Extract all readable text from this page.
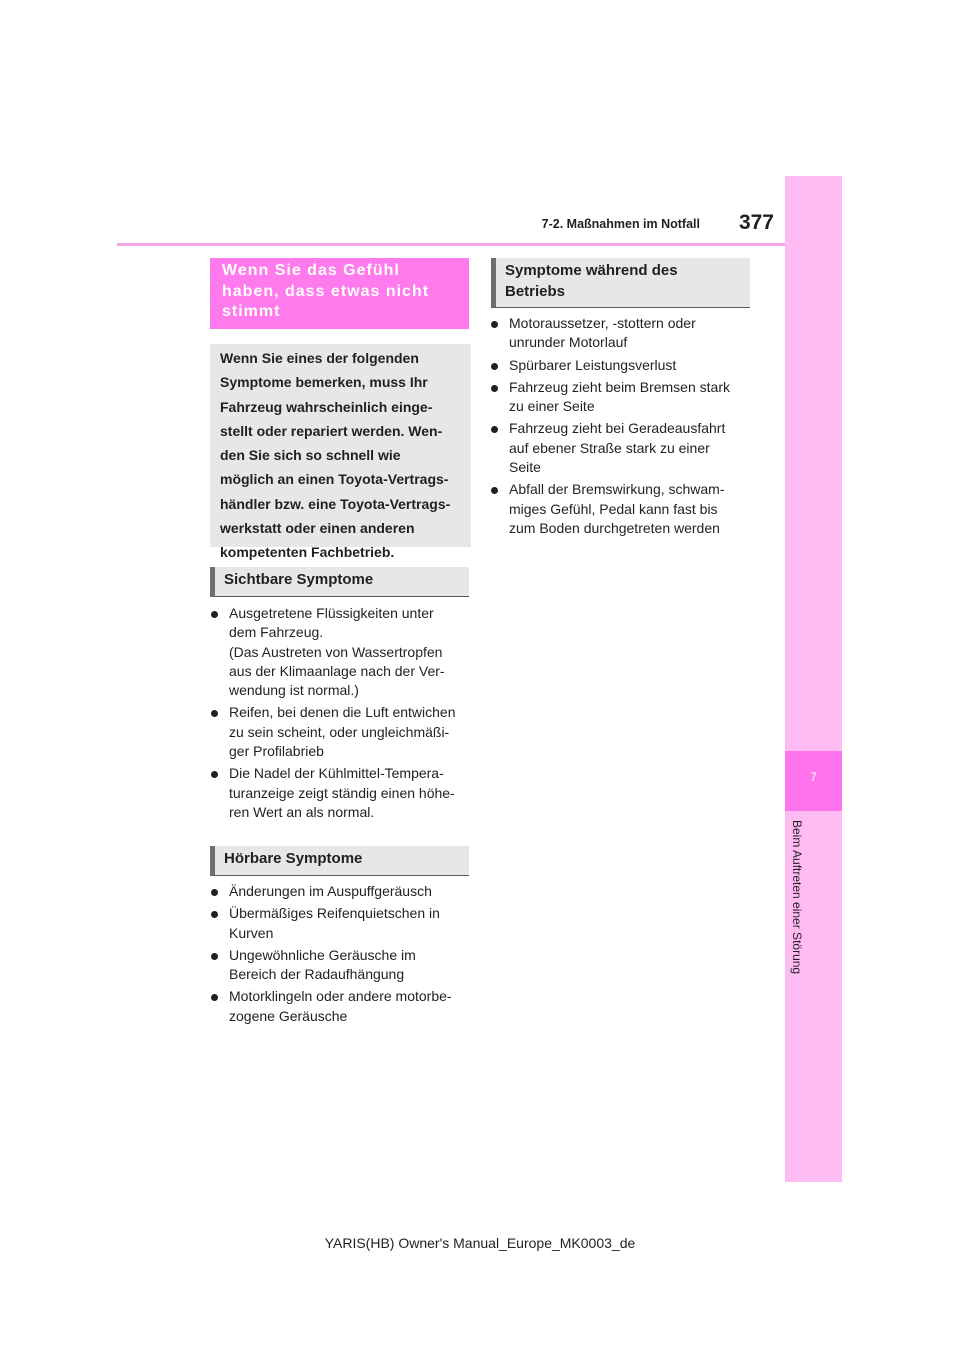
7-2. Maßnahmen im Notfall	377
7
Beim Auftreten einer Störung
Wenn Sie das Gefühl
haben, dass etwas nicht
stimmt

Wenn Sie eines der folgenden

Symptome bemerken, muss Ihr

Fahrzeug wahrscheinlich einge-

stellt oder repariert werden. Wen-

den Sie sich so schnell wie

möglich an einen Toyota-Vertrags-

händler bzw. eine Toyota-Vertrags-

werkstatt oder einen anderen

kompetenten Fachbetrieb.

Sichtbare Symptome
Ausgetretene Flüssigkeiten unter
dem Fahrzeug.
(Das Austreten von Wassertropfen
aus der Klimaanlage nach der Ver-
wendung ist normal.)
Reifen, bei denen die Luft entwichen
zu sein scheint, oder ungleichmäßi-
ger Profilabrieb
Die Nadel der Kühlmittel-Tempera-
turanzeige zeigt ständig einen höhe-
ren Wert an als normal.
Hörbare Symptome
Änderungen im Auspuffgeräusch
Übermäßiges Reifenquietschen in
Kurven
Ungewöhnliche Geräusche im
Bereich der Radaufhängung
Motorklingeln oder andere motorbe-
zogene Geräusche
Symptome während des
Betriebs
Motoraussetzer, -stottern oder
unrunder Motorlauf
Spürbarer Leistungsverlust
Fahrzeug zieht beim Bremsen stark
zu einer Seite
Fahrzeug zieht bei Geradeausfahrt
auf ebener Straße stark zu einer
Seite
Abfall der Bremswirkung, schwam-
miges Gefühl, Pedal kann fast bis
zum Boden durchgetreten werden
YARIS(HB) Owner's Manual_Europe_MK0003_de
